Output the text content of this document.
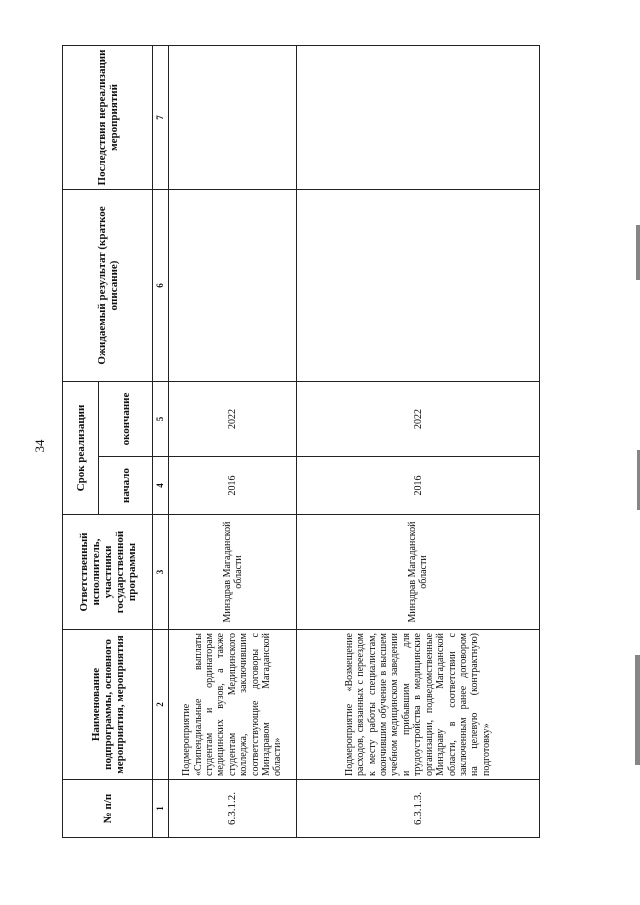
34
№ п/п	Наименование подпрограммы, основного мероприятия, мероприятия	Ответственный исполнитель, участники государственной программы	Срок реализации		Ожидаемый результат (краткое описание)	Последствия нереализации мероприятий
			начало	окончание		
1	2	3	4	5	6	7
6.3.1.2.	Подмероприятие «Стипендиальные выплаты студентам и ординаторам медицинских вузов, а также студентам Медицинского колледжа, заключившим соответствующие договоры с Минздравом Магаданской области»	Минздрав Магаданской области	2016	2022		
6.3.1.3.	Подмероприятие «Возмещение расходов, связанных с переездом к месту работы специалистам, окончившим обучение в высшем учебном медицинском заведении и прибывшим для трудоустройства в медицинские организации, подведомственные Минздраву Магаданской области, в соответствии с заключенным ранее договором на целевую (контрактную) подготовку»	Минздрав Магаданской области	2016	2022		
